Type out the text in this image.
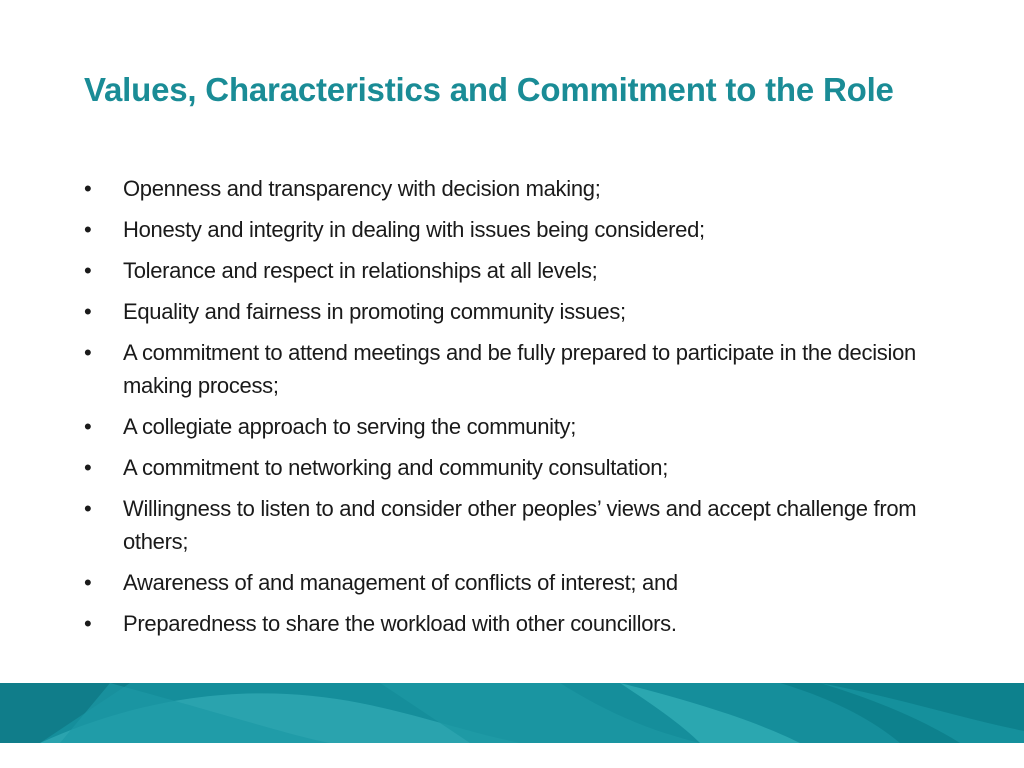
Values, Characteristics and Commitment to the Role
•	Openness and transparency with decision making;
•	Honesty and integrity in dealing with issues being considered;
•	Tolerance and respect in relationships at all levels;
•	Equality and fairness in promoting community issues;
•	A commitment to attend meetings and be fully prepared to participate in the decision making process;
•	A collegiate approach to serving the community;
•	A commitment to networking and community consultation;
•	Willingness to listen to and consider other peoples’ views and accept challenge from others;
•	Awareness of and management of conflicts of interest; and
•	Preparedness to share the workload with other councillors.
